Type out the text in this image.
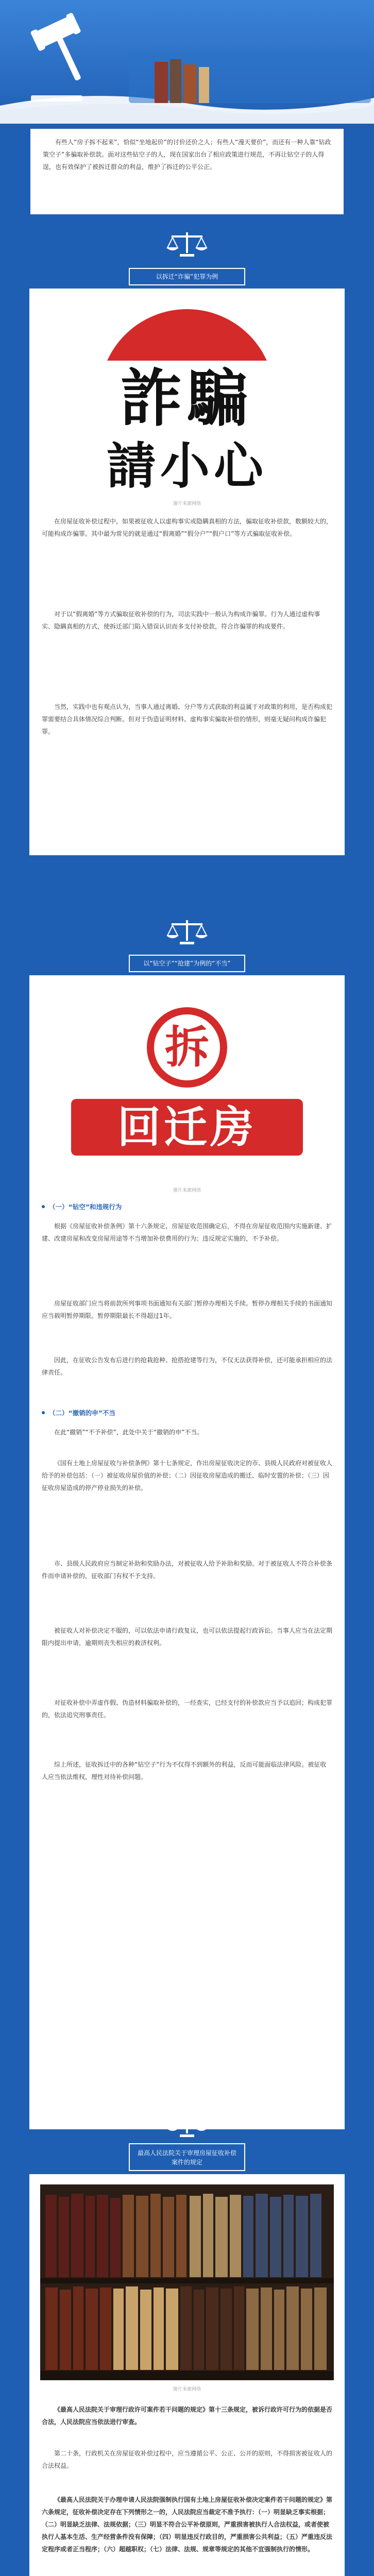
有些人“房子拆不起来”，恰似“坐地起价”的讨价还价之人；有些人“漫天要价”，而还有一种人靠“钻政策空子”多骗取补偿款。面对这些钻空子的人，现在国家出台了相应政策进行规范，不再让钻空子的人得逞，也有效保护了被拆迁群众的利益，维护了拆迁的公平公正。

以拆迁“诈骗”犯罪为例
詐騙
請小心
图片来源网络

在房屋征收补偿过程中，如果被征收人以虚构事实或隐瞒真相的方法，骗取征收补偿款，数额较大的，可能构成诈骗罪。其中最为常见的就是通过“假离婚”“假分户”“假户口”等方式骗取征收补偿。

对于以“假离婚”等方式骗取征收补偿的行为，司法实践中一般认为构成诈骗罪。行为人通过虚构事实、隐瞒真相的方式，使拆迁部门陷入错误认识而多支付补偿款，符合诈骗罪的构成要件。

当然，实践中也有观点认为，当事人通过离婚、分户等方式获取的利益属于对政策的利用，是否构成犯罪需要结合具体情况综合判断。但对于伪造证明材料、虚构事实骗取补偿的情形，则毫无疑问构成诈骗犯罪。

以“钻空子”“抢建”为例的“不当”
拆
回迁房
图片来源网络
（一）“钻空”和违规行为

根据《房屋征收补偿条例》第十六条规定，房屋征收范围确定后，不得在房屋征收范围内实施新建、扩建、改建房屋和改变房屋用途等不当增加补偿费用的行为；违反规定实施的，不予补偿。

房屋征收部门应当将前款所列事项书面通知有关部门暂停办理相关手续。暂停办理相关手续的书面通知应当载明暂停期限。暂停期限最长不得超过1年。

因此，在征收公告发布后进行的抢栽抢种、抢搭抢建等行为，不仅无法获得补偿，还可能承担相应的法律责任。

（二）“撤销的申”不当

在此“撤销”“不予补偿”，此处中关于“撤销的申”不当。

《国有土地上房屋征收与补偿条例》第十七条规定，作出房屋征收决定的市、县级人民政府对被征收人给予的补偿包括：（一）被征收房屋价值的补偿；（二）因征收房屋造成的搬迁、临时安置的补偿；（三）因征收房屋造成的停产停业损失的补偿。

市、县级人民政府应当制定补助和奖励办法，对被征收人给予补助和奖励。对于被征收人不符合补偿条件而申请补偿的，征收部门有权不予支持。

被征收人对补偿决定不服的，可以依法申请行政复议，也可以依法提起行政诉讼。当事人应当在法定期限内提出申请，逾期则丧失相应的救济权利。

对征收补偿中弄虚作假、伪造材料骗取补偿的，一经查实，已经支付的补偿款应当予以追回；构成犯罪的，依法追究刑事责任。

综上所述，征收拆迁中的各种“钻空子”行为不仅得不到额外的利益，反而可能面临法律风险。被征收人应当依法维权，理性对待补偿问题。

最高人民法院关于审理房屋征收补偿
案件的规定
图片来源网络

《最高人民法院关于审理行政许可案件若干问题的规定》第十三条规定，被诉行政许可行为的依据是否合法，人民法院应当依法进行审查。

第二十条，行政机关在房屋征收补偿过程中，应当遵循公平、公正、公开的原则，不得损害被征收人的合法权益。

《最高人民法院关于办理申请人民法院强制执行国有土地上房屋征收补偿决定案件若干问题的规定》第六条规定，征收补偿决定存在下列情形之一的，人民法院应当裁定不准予执行：（一）明显缺乏事实根据；（二）明显缺乏法律、法规依据；（三）明显不符合公平补偿原则，严重损害被执行人合法权益，或者使被执行人基本生活、生产经营条件没有保障；（四）明显违反行政目的，严重损害公共利益；（五）严重违反法定程序或者正当程序；（六）超越职权；（七）法律、法规、规章等规定的其他不宜强制执行的情形。
